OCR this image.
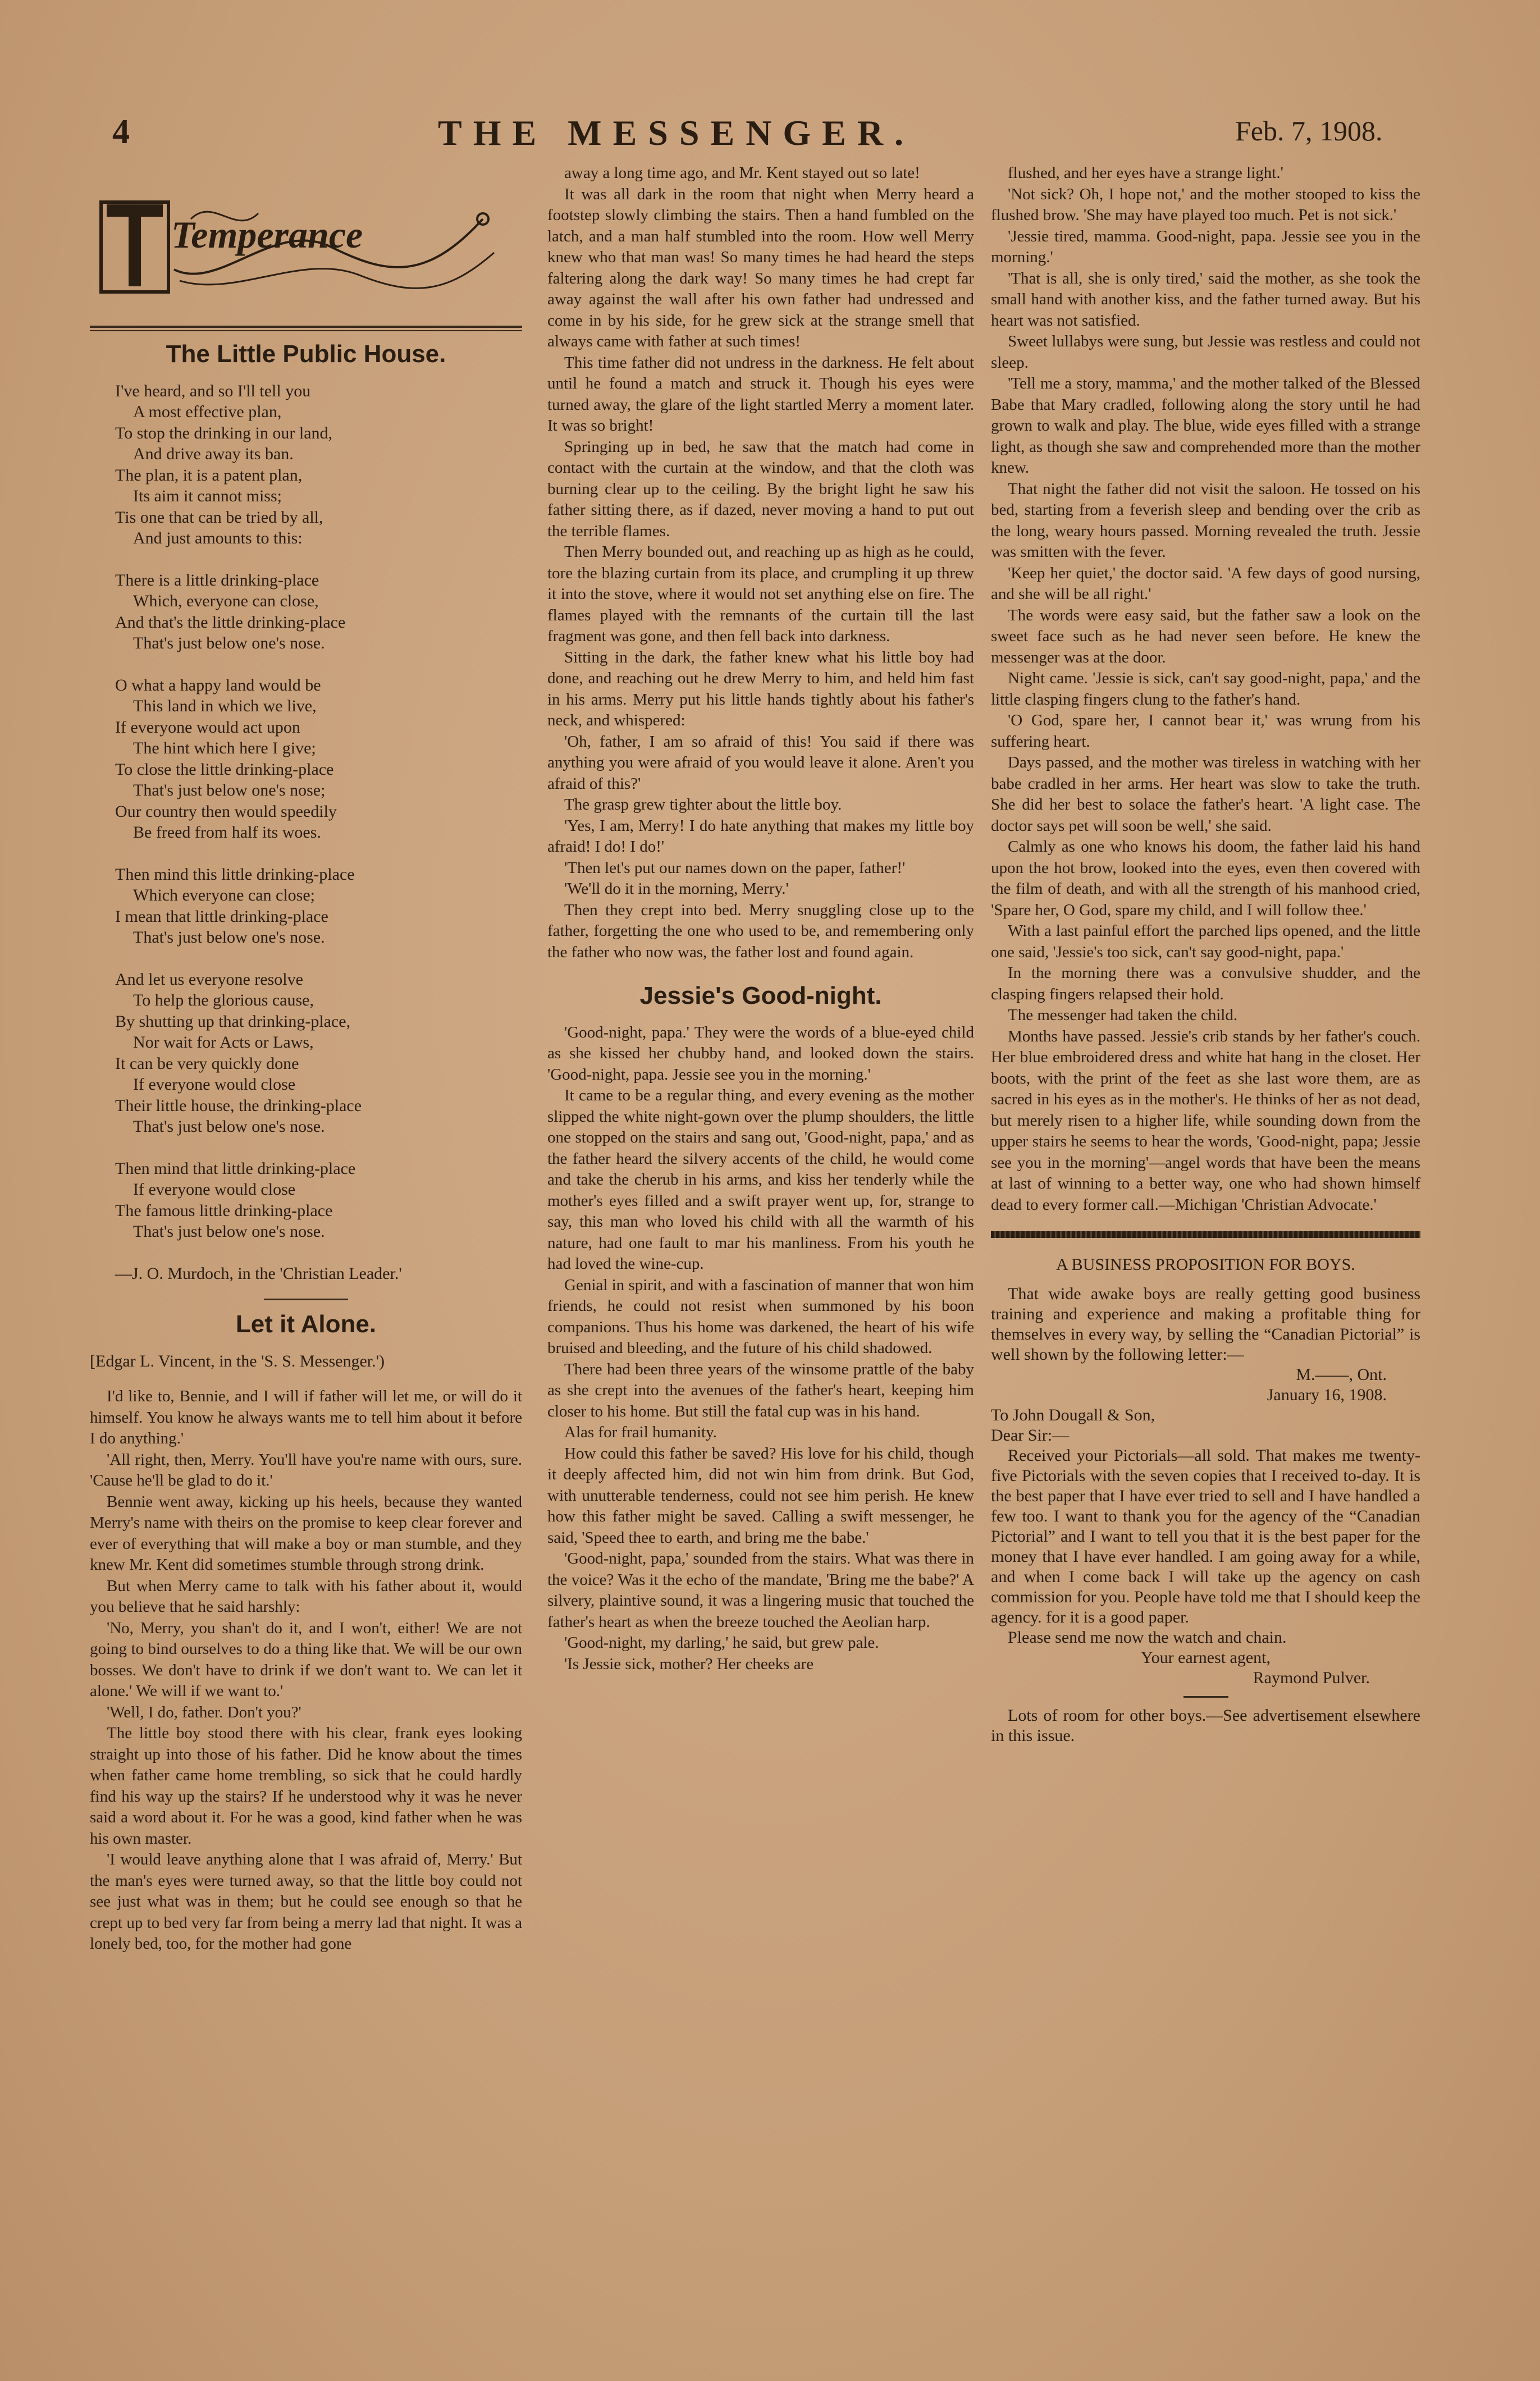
4	THE MESSENGER.	Feb. 7, 1908.
Temperance
The Little Public House.
I've heard, and so I'll tell you
A most effective plan,
To stop the drinking in our land,
And drive away its ban.
The plan, it is a patent plan,
Its aim it cannot miss;
Tis one that can be tried by all,
And just amounts to this:
There is a little drinking-place
Which, everyone can close,
And that's the little drinking-place
That's just below one's nose.
O what a happy land would be
This land in which we live,
If everyone would act upon
The hint which here I give;
To close the little drinking-place
That's just below one's nose;
Our country then would speedily
Be freed from half its woes.
Then mind this little drinking-place
Which everyone can close;
I mean that little drinking-place
That's just below one's nose.
And let us everyone resolve
To help the glorious cause,
By shutting up that drinking-place,
Nor wait for Acts or Laws,
It can be very quickly done
If everyone would close
Their little house, the drinking-place
That's just below one's nose.
Then mind that little drinking-place
If everyone would close
The famous little drinking-place
That's just below one's nose.
—J. O. Murdoch, in the 'Christian Leader.'
Let it Alone.
[Edgar L. Vincent, in the 'S. S. Messenger.')

I'd like to, Bennie, and I will if father will let me, or will do it himself. You know he always wants me to tell him about it before I do anything.'

'All right, then, Merry. You'll have you're name with ours, sure. 'Cause he'll be glad to do it.'

Bennie went away, kicking up his heels, because they wanted Merry's name with theirs on the promise to keep clear forever and ever of everything that will make a boy or man stumble, and they knew Mr. Kent did sometimes stumble through strong drink.

But when Merry came to talk with his father about it, would you believe that he said harshly:

'No, Merry, you shan't do it, and I won't, either! We are not going to bind ourselves to do a thing like that. We will be our own bosses. We don't have to drink if we don't want to. We can let it alone.' We will if we want to.'

'Well, I do, father. Don't you?'

The little boy stood there with his clear, frank eyes looking straight up into those of his father. Did he know about the times when father came home trembling, so sick that he could hardly find his way up the stairs? If he understood why it was he never said a word about it. For he was a good, kind father when he was his own master.

'I would leave anything alone that I was afraid of, Merry.' But the man's eyes were turned away, so that the little boy could not see just what was in them; but he could see enough so that he crept up to bed very far from being a merry lad that night. It was a lonely bed, too, for the mother had gone

away a long time ago, and Mr. Kent stayed out so late!

It was all dark in the room that night when Merry heard a footstep slowly climbing the stairs. Then a hand fumbled on the latch, and a man half stumbled into the room. How well Merry knew who that man was! So many times he had heard the steps faltering along the dark way! So many times he had crept far away against the wall after his own father had undressed and come in by his side, for he grew sick at the strange smell that always came with father at such times!

This time father did not undress in the darkness. He felt about until he found a match and struck it. Though his eyes were turned away, the glare of the light startled Merry a moment later. It was so bright!

Springing up in bed, he saw that the match had come in contact with the curtain at the window, and that the cloth was burning clear up to the ceiling. By the bright light he saw his father sitting there, as if dazed, never moving a hand to put out the terrible flames.

Then Merry bounded out, and reaching up as high as he could, tore the blazing curtain from its place, and crumpling it up threw it into the stove, where it would not set anything else on fire. The flames played with the remnants of the curtain till the last fragment was gone, and then fell back into darkness.

Sitting in the dark, the father knew what his little boy had done, and reaching out he drew Merry to him, and held him fast in his arms. Merry put his little hands tightly about his father's neck, and whispered:

'Oh, father, I am so afraid of this! You said if there was anything you were afraid of you would leave it alone. Aren't you afraid of this?'

The grasp grew tighter about the little boy.

'Yes, I am, Merry! I do hate anything that makes my little boy afraid! I do! I do!'

'Then let's put our names down on the paper, father!'

'We'll do it in the morning, Merry.'

Then they crept into bed. Merry snuggling close up to the father, forgetting the one who used to be, and remembering only the father who now was, the father lost and found again.

Jessie's Good-night.

'Good-night, papa.' They were the words of a blue-eyed child as she kissed her chubby hand, and looked down the stairs. 'Good-night, papa. Jessie see you in the morning.'

It came to be a regular thing, and every evening as the mother slipped the white night-gown over the plump shoulders, the little one stopped on the stairs and sang out, 'Good-night, papa,' and as the father heard the silvery accents of the child, he would come and take the cherub in his arms, and kiss her tenderly while the mother's eyes filled and a swift prayer went up, for, strange to say, this man who loved his child with all the warmth of his nature, had one fault to mar his manliness. From his youth he had loved the wine-cup.

Genial in spirit, and with a fascination of manner that won him friends, he could not resist when summoned by his boon companions. Thus his home was darkened, the heart of his wife bruised and bleeding, and the future of his child shadowed.

There had been three years of the winsome prattle of the baby as she crept into the avenues of the father's heart, keeping him closer to his home. But still the fatal cup was in his hand.

Alas for frail humanity.

How could this father be saved? His love for his child, though it deeply affected him, did not win him from drink. But God, with unutterable tenderness, could not see him perish. He knew how this father might be saved. Calling a swift messenger, he said, 'Speed thee to earth, and bring me the babe.'

'Good-night, papa,' sounded from the stairs. What was there in the voice? Was it the echo of the mandate, 'Bring me the babe?' A silvery, plaintive sound, it was a lingering music that touched the father's heart as when the breeze touched the Aeolian harp.

'Good-night, my darling,' he said, but grew pale.

'Is Jessie sick, mother? Her cheeks are

flushed, and her eyes have a strange light.'

'Not sick? Oh, I hope not,' and the mother stooped to kiss the flushed brow. 'She may have played too much. Pet is not sick.'

'Jessie tired, mamma. Good-night, papa. Jessie see you in the morning.'

'That is all, she is only tired,' said the mother, as she took the small hand with another kiss, and the father turned away. But his heart was not satisfied.

Sweet lullabys were sung, but Jessie was restless and could not sleep.

'Tell me a story, mamma,' and the mother talked of the Blessed Babe that Mary cradled, following along the story until he had grown to walk and play. The blue, wide eyes filled with a strange light, as though she saw and comprehended more than the mother knew.

That night the father did not visit the saloon. He tossed on his bed, starting from a feverish sleep and bending over the crib as the long, weary hours passed. Morning revealed the truth. Jessie was smitten with the fever.

'Keep her quiet,' the doctor said. 'A few days of good nursing, and she will be all right.'

The words were easy said, but the father saw a look on the sweet face such as he had never seen before. He knew the messenger was at the door.

Night came. 'Jessie is sick, can't say good-night, papa,' and the little clasping fingers clung to the father's hand.

'O God, spare her, I cannot bear it,' was wrung from his suffering heart.

Days passed, and the mother was tireless in watching with her babe cradled in her arms. Her heart was slow to take the truth. She did her best to solace the father's heart. 'A light case. The doctor says pet will soon be well,' she said.

Calmly as one who knows his doom, the father laid his hand upon the hot brow, looked into the eyes, even then covered with the film of death, and with all the strength of his manhood cried, 'Spare her, O God, spare my child, and I will follow thee.'

With a last painful effort the parched lips opened, and the little one said, 'Jessie's too sick, can't say good-night, papa.'

In the morning there was a convulsive shudder, and the clasping fingers relapsed their hold.

The messenger had taken the child.

Months have passed. Jessie's crib stands by her father's couch. Her blue embroidered dress and white hat hang in the closet. Her boots, with the print of the feet as she last wore them, are as sacred in his eyes as in the mother's. He thinks of her as not dead, but merely risen to a higher life, while sounding down from the upper stairs he seems to hear the words, 'Good-night, papa; Jessie see you in the morning'—angel words that have been the means at last of winning to a better way, one who had shown himself dead to every former call.—Michigan 'Christian Advocate.'

A BUSINESS PROPOSITION FOR BOYS.

That wide awake boys are really getting good business training and experience and making a profitable thing for themselves in every way, by selling the “Canadian Pictorial” is well shown by the following letter:—

M.——, Ont.
January 16, 1908.
To John Dougall & Son,
Dear Sir:—

Received your Pictorials—all sold. That makes me twenty-five Pictorials with the seven copies that I received to-day. It is the best paper that I have ever tried to sell and I have handled a few too. I want to thank you for the agency of the “Canadian Pictorial” and I want to tell you that it is the best paper for the money that I have ever handled. I am going away for a while, and when I come back I will take up the agency on cash commission for you. People have told me that I should keep the agency. for it is a good paper.

Please send me now the watch and chain.

Your earnest agent,
Raymond Pulver.

Lots of room for other boys.—See advertisement elsewhere in this issue.
